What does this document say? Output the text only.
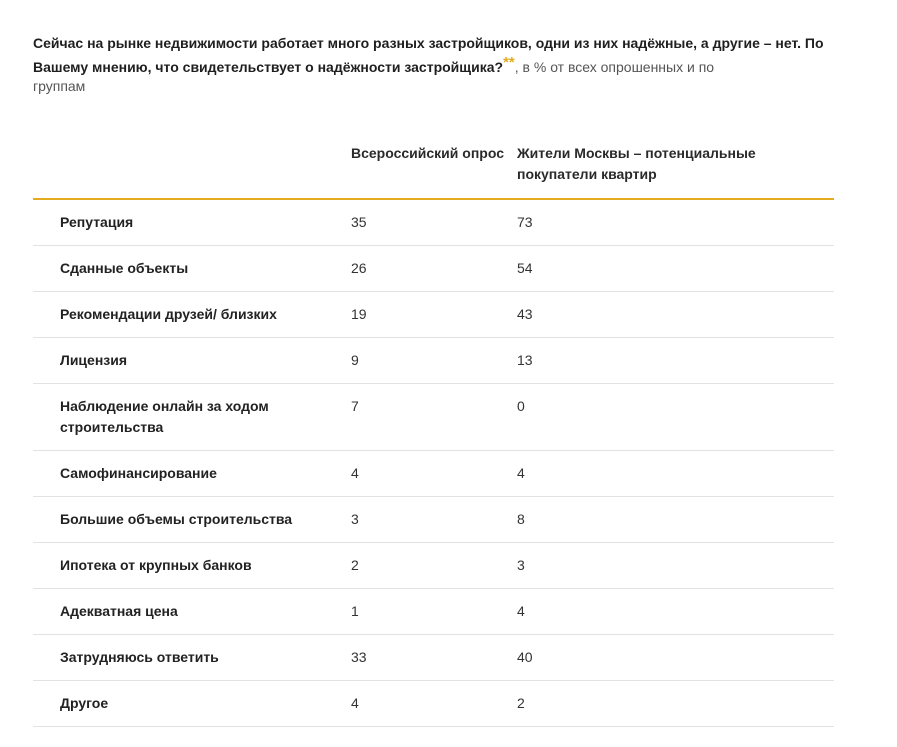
Сейчас на рынке недвижимости работает много разных застройщиков, одни из них надёжные, а другие – нет. По Вашему мнению, что свидетельствует о надёжности застройщика?**, в % от всех опрошенных и по

группам
	Всероссийский опрос	Жители Москвы – потенциальные покупатели квартир
Репутация	35	73
Сданные объекты	26	54
Рекомендации друзей/ близких	19	43
Лицензия	9	13
Наблюдение онлайн за ходом строительства	7	0
Самофинансирование	4	4
Большие объемы строительства	3	8
Ипотека от крупных банков	2	3
Адекватная цена	1	4
Затрудняюсь ответить	33	40
Другое	4	2
